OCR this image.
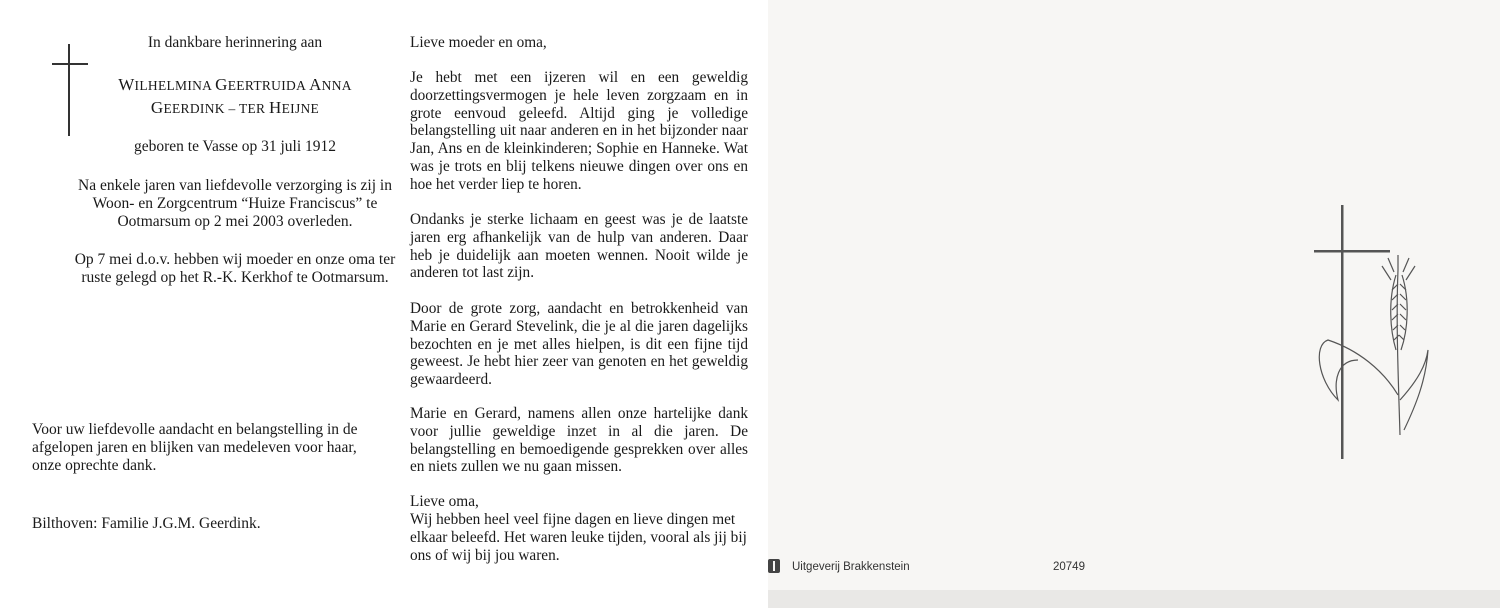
In dankbare herinnering aan
WILHELMINA GEERTRUIDA ANNA
GEERDINK – TER HEIJNE
geboren te Vasse op 31 juli 1912
Na enkele jaren van liefdevolle verzorging is zij in
Woon- en Zorgcentrum “Huize Franciscus” te
Ootmarsum op 2 mei 2003 overleden.
Op 7 mei d.o.v. hebben wij moeder en onze oma ter
ruste gelegd op het R.-K. Kerkhof te Ootmarsum.
Voor uw liefdevolle aandacht en belangstelling in de
afgelopen jaren en blijken van medeleven voor haar,
onze oprechte dank.
Bilthoven: Familie J.G.M. Geerdink.
Lieve moeder en oma,
Je hebt met een ijzeren wil en een geweldig doorzettingsvermogen je hele leven zorgzaam en in grote eenvoud geleefd. Altijd ging je volledige belangstelling uit naar anderen en in het bijzonder naar Jan, Ans en de kleinkinderen; Sophie en Hanneke. Wat was je trots en blij telkens nieuwe dingen over ons en hoe het verder liep te horen.
Ondanks je sterke lichaam en geest was je de laatste jaren erg afhankelijk van de hulp van anderen. Daar heb je duidelijk aan moeten wennen. Nooit wilde je anderen tot last zijn.
Door de grote zorg, aandacht en betrokkenheid van Marie en Gerard Stevelink, die je al die jaren dagelijks bezochten en je met alles hielpen, is dit een fijne tijd geweest. Je hebt hier zeer van genoten en het geweldig gewaardeerd.
Marie en Gerard, namens allen onze hartelijke dank voor jullie geweldige inzet in al die jaren. De belangstelling en bemoedigende gesprekken over alles en niets zullen we nu gaan missen.
Lieve oma,
Wij hebben heel veel fijne dagen en lieve dingen met elkaar beleefd. Het waren leuke tijden, vooral als jij bij ons of wij bij jou waren.
Uitgeverij Brakkenstein	20749
